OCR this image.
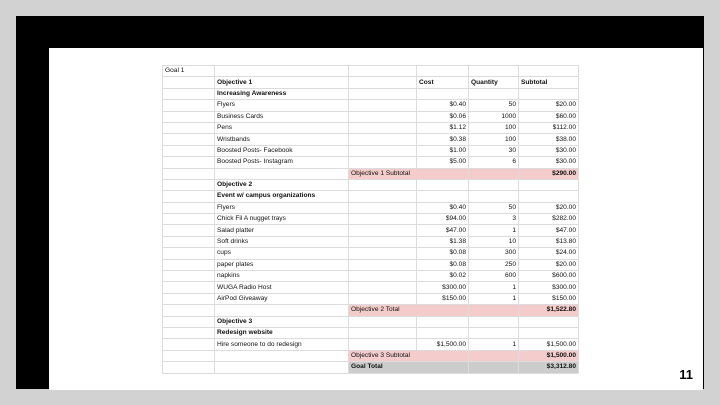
Goal 1					
	Objective 1		Cost	Quantity	Subtotal
	Increasing Awareness				
	Flyers		$0.40	50	$20.00
	Business Cards		$0.06	1000	$60.00
	Pens		$1.12	100	$112.00
	Wristbands		$0.38	100	$38.00
	Boosted Posts- Facebook		$1.00	30	$30.00
	Boosted Posts- Instagram		$5.00	6	$30.00
		Objective 1 Subtotal			$290.00
	Objective 2				
	Event w/ campus organizations				
	Flyers		$0.40	50	$20.00
	Chick Fil A nugget trays		$94.00	3	$282.00
	Salad platter		$47.00	1	$47.00
	Soft drinks		$1.38	10	$13.80
	cups		$0.08	300	$24.00
	paper plates		$0.08	250	$20.00
	napkins		$0.02	600	$600.00
	WUGA Radio Host		$300.00	1	$300.00
	AirPod Giveaway		$150.00	1	$150.00
		Objective 2 Total			$1,522.80
	Objective 3				
	Redesign website				
	Hire someone to do redesign		$1,500.00	1	$1,500.00
		Objective 3 Subtotal			$1,500.00
		Goal Total			$3,312.80
11
